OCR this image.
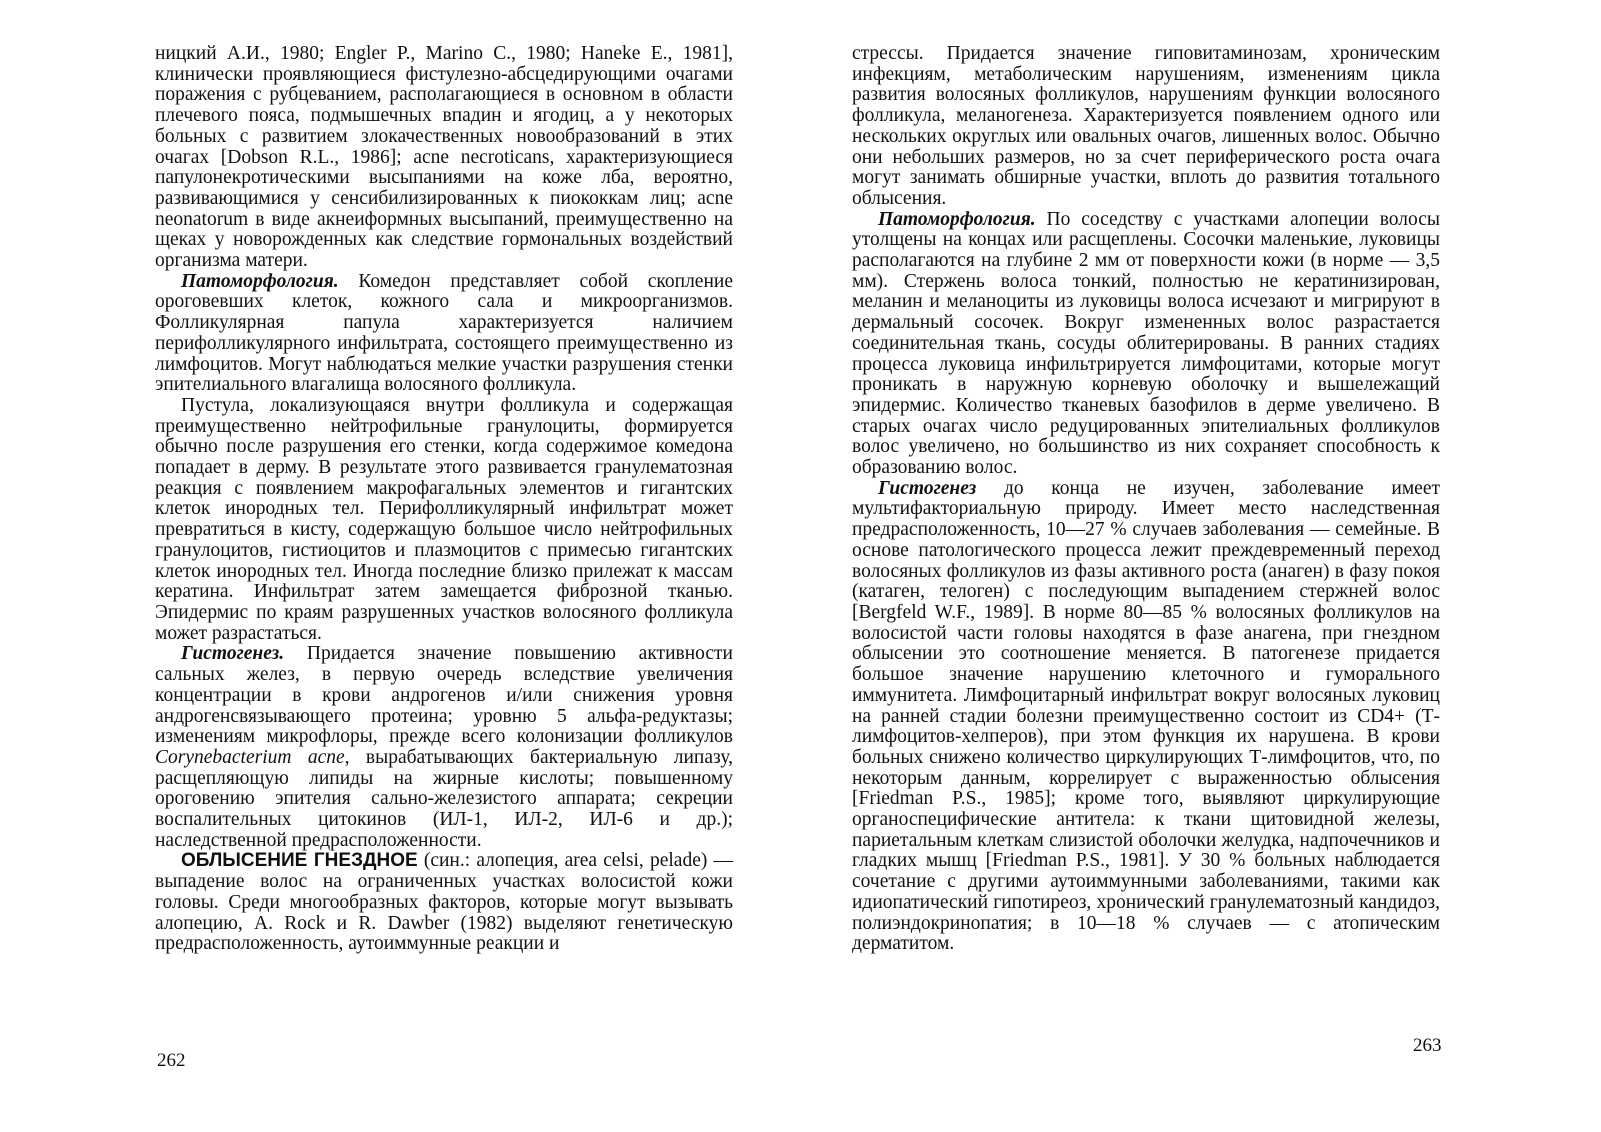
ницкий А.И., 1980; Engler P., Marino С., 1980; Haneke E., 1981], клинически проявляющиеся фистулезно-абсцедирующими очагами поражения с рубцеванием, располагающиеся в основном в области плечевого пояса, подмышечных впадин и ягодиц, а у некоторых больных с развитием злокачественных новообразований в этих очагах [Dobson R.L., 1986]; acne necroticans, характеризующиеся папулонекротическими высыпаниями на коже лба, вероятно, развивающимися у сенсибилизированных к пиококкам лиц; acne neonatorum в виде акнеиформных высыпаний, преимущественно на щеках у новорожденных как следствие гормональных воздействий организма матери.

Патоморфология. Комедон представляет собой скопление ороговевших клеток, кожного сала и микроорганизмов. Фолликулярная папула характеризуется наличием перифолликулярного инфильтрата, состоящего преимущественно из лимфоцитов. Могут наблюдаться мелкие участки разрушения стенки эпителиального влагалища волосяного фолликула.

Пустула, локализующаяся внутри фолликула и содержащая преимущественно нейтрофильные гранулоциты, формируется обычно после разрушения его стенки, когда содержимое комедона попадает в дерму. В результате этого развивается гранулематозная реакция с появлением макрофагальных элементов и гигантских клеток инородных тел. Перифолликулярный инфильтрат может превратиться в кисту, содержащую большое число нейтрофильных гранулоцитов, гистиоцитов и плазмоцитов с примесью гигантских клеток инородных тел. Иногда последние близко прилежат к массам кератина. Инфильтрат затем замещается фиброзной тканью. Эпидермис по краям разрушенных участков волосяного фолликула может разрастаться.

Гистогенез. Придается значение повышению активности сальных желез, в первую очередь вследствие увеличения концентрации в крови андрогенов и/или снижения уровня андрогенсвязывающего протеина; уровню 5 альфа-редуктазы; изменениям микрофлоры, прежде всего колонизации фолликулов Corynebacterium acne, вырабатывающих бактериальную липазу, расщепляющую липиды на жирные кислоты; повышенному ороговению эпителия сально-железистого аппарата; секреции воспалительных цитокинов (ИЛ-1, ИЛ-2, ИЛ-6 и др.); наследственной предрасположенности.

ОБЛЫСЕНИЕ ГНЕЗДНОЕ (син.: алопеция, area celsi, pelade) — выпадение волос на ограниченных участках волосистой кожи головы. Среди многообразных факторов, которые могут вызывать алопецию, A. Rock и R. Dawber (1982) выделяют генетическую предрасположенность, аутоиммунные реакции и

262

стрессы. Придается значение гиповитаминозам, хроническим инфекциям, метаболическим нарушениям, изменениям цикла развития волосяных фолликулов, нарушениям функции волосяного фолликула, меланогенеза. Характеризуется появлением одного или нескольких округлых или овальных очагов, лишенных волос. Обычно они небольших размеров, но за счет периферического роста очага могут занимать обширные участки, вплоть до развития тотального облысения.

Патоморфология. По соседству с участками алопеции волосы утолщены на концах или расщеплены. Сосочки маленькие, луковицы располагаются на глубине 2 мм от поверхности кожи (в норме — 3,5 мм). Стержень волоса тонкий, полностью не кератинизирован, меланин и меланоциты из луковицы волоса исчезают и мигрируют в дермальный сосочек. Вокруг измененных волос разрастается соединительная ткань, сосуды облитерированы. В ранних стадиях процесса луковица инфильтрируется лимфоцитами, которые могут проникать в наружную корневую оболочку и вышележащий эпидермис. Количество тканевых базофилов в дерме увеличено. В старых очагах число редуцированных эпителиальных фолликулов волос увеличено, но большинство из них сохраняет способность к образованию волос.

Гистогенез до конца не изучен, заболевание имеет мультифакториальную природу. Имеет место наследственная предрасположенность, 10—27 % случаев заболевания — семейные. В основе патологического процесса лежит преждевременный переход волосяных фолликулов из фазы активного роста (анаген) в фазу покоя (катаген, телоген) с последующим выпадением стержней волос [Bergfeld W.F., 1989]. В норме 80—85 % волосяных фолликулов на волосистой части головы находятся в фазе анагена, при гнездном облысении это соотношение меняется. В патогенезе придается большое значение нарушению клеточного и гуморального иммунитета. Лимфоцитарный инфильтрат вокруг волосяных луковиц на ранней стадии болезни преимущественно состоит из CD4+ (Т-лимфоцитов-хелперов), при этом функция их нарушена. В крови больных снижено количество циркулирующих Т-лимфоцитов, что, по некоторым данным, коррелирует с выраженностью облысения [Friedman P.S., 1985]; кроме того, выявляют циркулирующие органоспецифические антитела: к ткани щитовидной железы, париетальным клеткам слизистой оболочки желудка, надпочечников и гладких мышц [Friedman P.S., 1981]. У 30 % больных наблюдается сочетание с другими аутоиммунными заболеваниями, такими как идиопатический гипотиреоз, хронический гранулематозный кандидоз, полиэндокринопатия; в 10—18 % случаев — с атопическим дерматитом.

263
